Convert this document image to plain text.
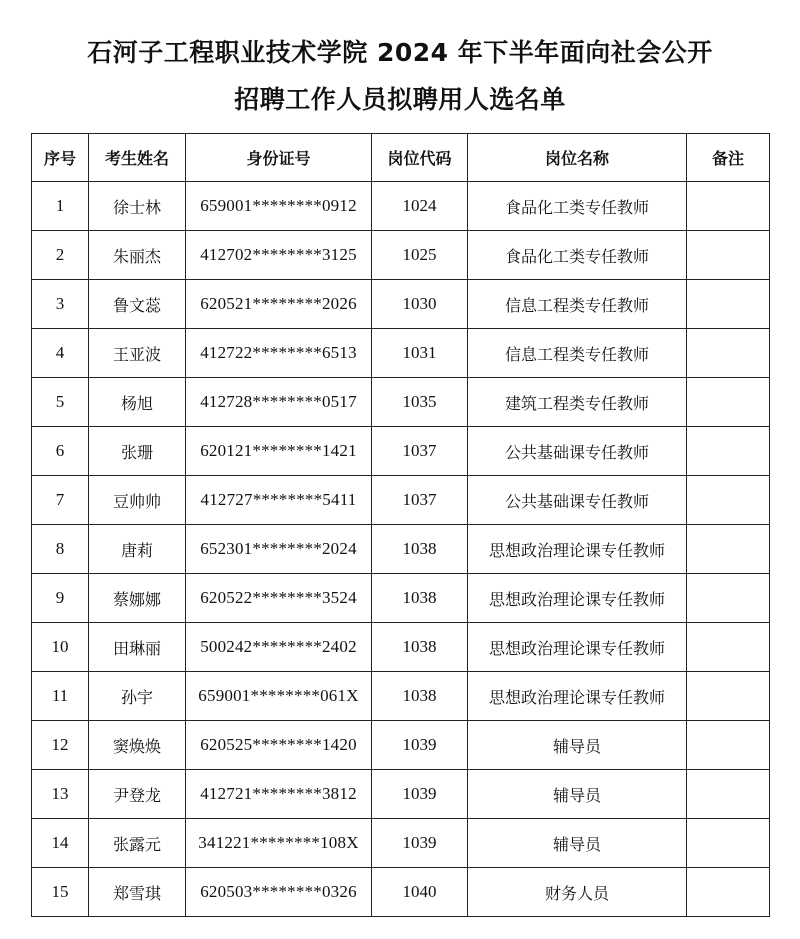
石河子工程职业技术学院 2024 年下半年面向社会公开
招聘工作人员拟聘用人选名单
序号	考生姓名	身份证号	岗位代码	岗位名称	备注
1	徐士林	659001********0912	1024	食品化工类专任教师	
2	朱丽杰	412702********3125	1025	食品化工类专任教师	
3	鲁文蕊	620521********2026	1030	信息工程类专任教师	
4	王亚波	412722********6513	1031	信息工程类专任教师	
5	杨旭	412728********0517	1035	建筑工程类专任教师	
6	张珊	620121********1421	1037	公共基础课专任教师	
7	豆帅帅	412727********5411	1037	公共基础课专任教师	
8	唐莉	652301********2024	1038	思想政治理论课专任教师	
9	蔡娜娜	620522********3524	1038	思想政治理论课专任教师	
10	田琳丽	500242********2402	1038	思想政治理论课专任教师	
11	孙宇	659001********061X	1038	思想政治理论课专任教师	
12	窦焕焕	620525********1420	1039	辅导员	
13	尹登龙	412721********3812	1039	辅导员	
14	张露元	341221********108X	1039	辅导员	
15	郑雪琪	620503********0326	1040	财务人员	
